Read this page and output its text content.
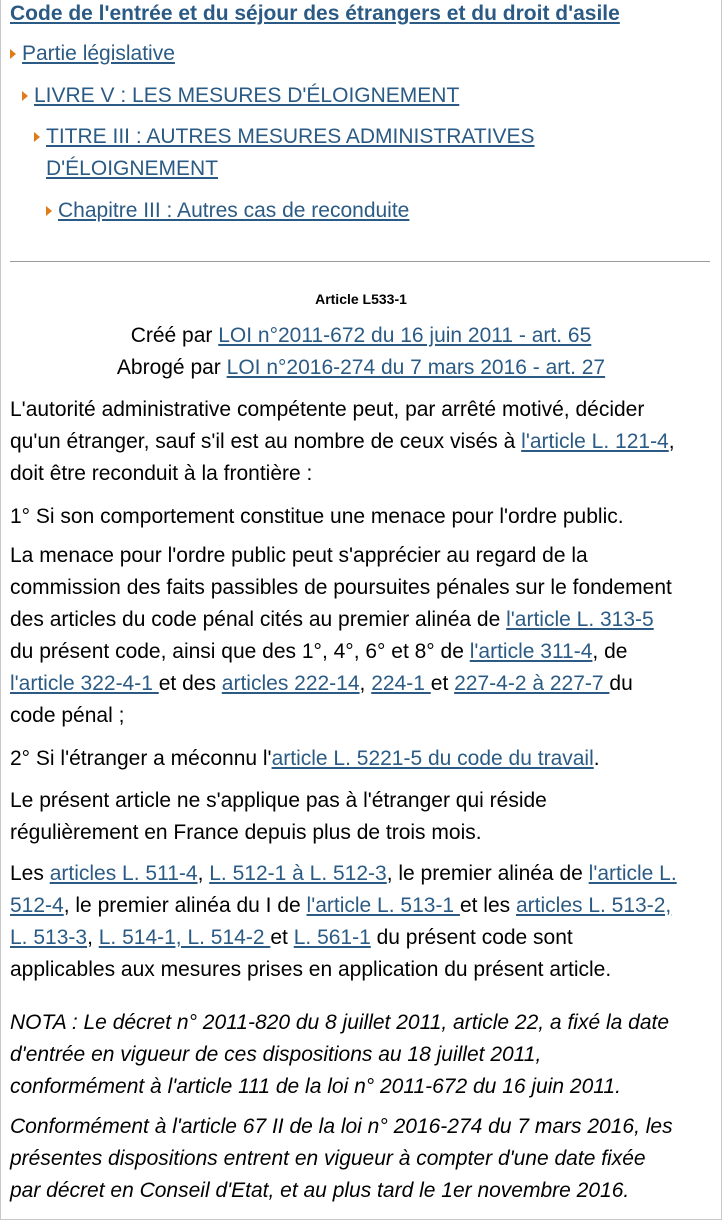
Code de l'entrée et du séjour des étrangers et du droit d'asile
Partie législative
LIVRE V : LES MESURES D'ÉLOIGNEMENT
TITRE III : AUTRES MESURES ADMINISTRATIVES
D'ÉLOIGNEMENT
Chapitre III : Autres cas de reconduite
Article L533-1
Créé par LOI n°2011-672 du 16 juin 2011 - art. 65
Abrogé par LOI n°2016-274 du 7 mars 2016 - art. 27
L'autorité administrative compétente peut, par arrêté motivé, décider
qu'un étranger, sauf s'il est au nombre de ceux visés à l'article L. 121-4,
doit être reconduit à la frontière :
1° Si son comportement constitue une menace pour l'ordre public.
La menace pour l'ordre public peut s'apprécier au regard de la
commission des faits passibles de poursuites pénales sur le fondement
des articles du code pénal cités au premier alinéa de l'article L. 313-5
du présent code, ainsi que des 1°, 4°, 6° et 8° de l'article 311-4, de
l'article 322-4-1 et des articles 222-14, 224-1 et 227-4-2 à 227-7 du
code pénal ;
2° Si l'étranger a méconnu l'article L. 5221-5 du code du travail.
Le présent article ne s'applique pas à l'étranger qui réside
régulièrement en France depuis plus de trois mois.
Les articles L. 511-4, L. 512-1 à L. 512-3, le premier alinéa de l'article L.
512-4, le premier alinéa du I de l'article L. 513-1 et les articles L. 513-2,
L. 513-3, L. 514-1, L. 514-2 et L. 561-1 du présent code sont
applicables aux mesures prises en application du présent article.
NOTA : Le décret n° 2011-820 du 8 juillet 2011, article 22, a fixé la date
d'entrée en vigueur de ces dispositions au 18 juillet 2011,
conformément à l'article 111 de la loi n° 2011-672 du 16 juin 2011.
Conformément à l'article 67 II de la loi n° 2016-274 du 7 mars 2016, les
présentes dispositions entrent en vigueur à compter d'une date fixée
par décret en Conseil d'Etat, et au plus tard le 1er novembre 2016.
